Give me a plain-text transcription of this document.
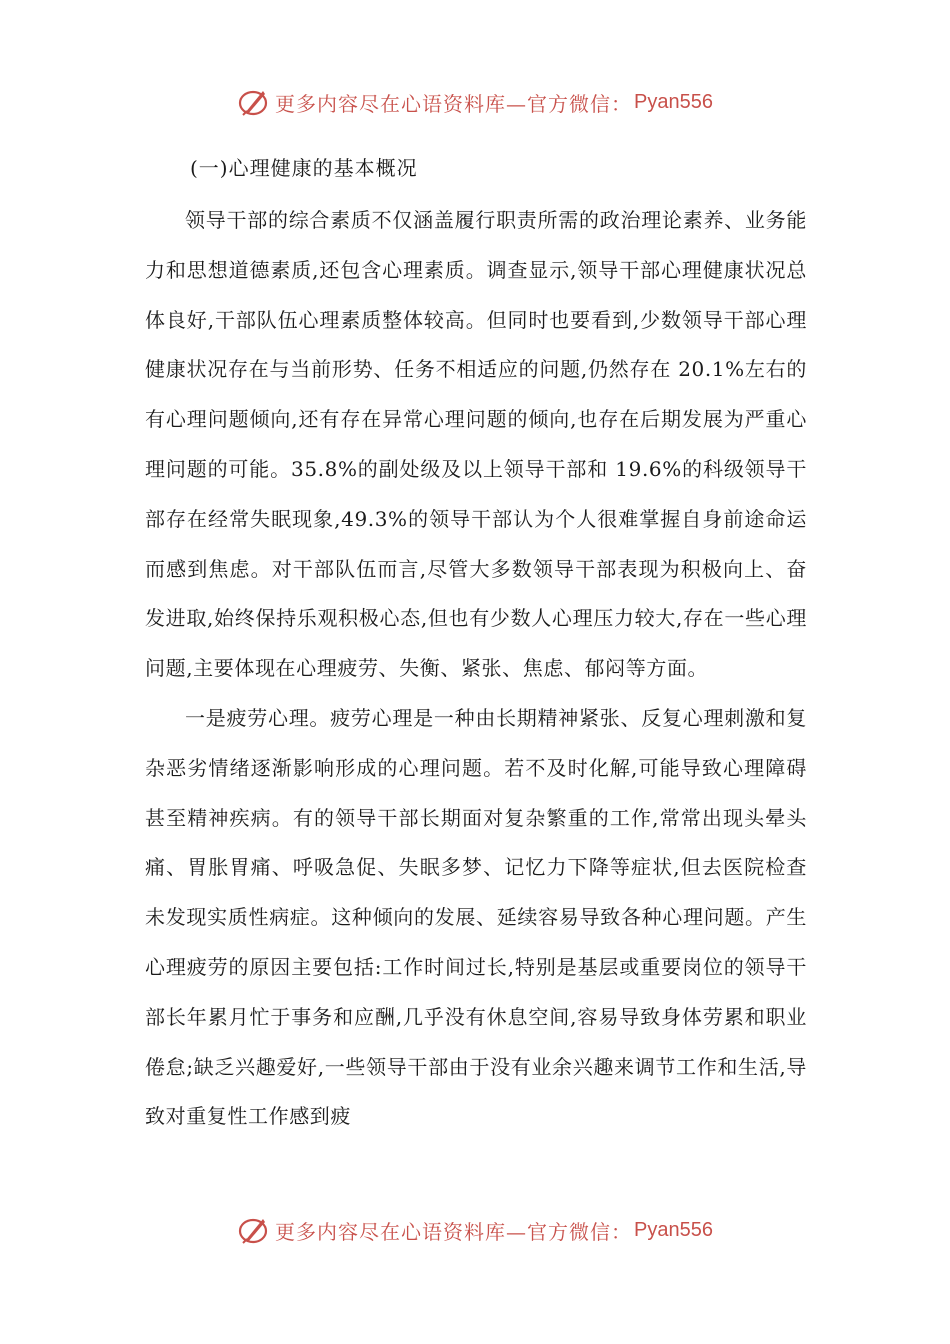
更多内容尽在心语资料库—官方微信： Pyan556

(一)心理健康的基本概况

领导干部的综合素质不仅涵盖履行职责所需的政治理论素养、业务能力和思想道德素质,还包含心理素质。调查显示,领导干部心理健康状况总体良好,干部队伍心理素质整体较高。但同时也要看到,少数领导干部心理健康状况存在与当前形势、任务不相适应的问题,仍然存在 20.1%左右的有心理问题倾向,还有存在异常心理问题的倾向,也存在后期发展为严重心理问题的可能。35.8%的副处级及以上领导干部和 19.6%的科级领导干部存在经常失眠现象,49.3%的领导干部认为个人很难掌握自身前途命运而感到焦虑。对干部队伍而言,尽管大多数领导干部表现为积极向上、奋发进取,始终保持乐观积极心态,但也有少数人心理压力较大,存在一些心理问题,主要体现在心理疲劳、失衡、紧张、焦虑、郁闷等方面。

一是疲劳心理。疲劳心理是一种由长期精神紧张、反复心理刺激和复杂恶劣情绪逐渐影响形成的心理问题。若不及时化解,可能导致心理障碍甚至精神疾病。有的领导干部长期面对复杂繁重的工作,常常出现头晕头痛、胃胀胃痛、呼吸急促、失眠多梦、记忆力下降等症状,但去医院检查未发现实质性病症。这种倾向的发展、延续容易导致各种心理问题。产生心理疲劳的原因主要包括:工作时间过长,特别是基层或重要岗位的领导干部长年累月忙于事务和应酬,几乎没有休息空间,容易导致身体劳累和职业倦怠;缺乏兴趣爱好,一些领导干部由于没有业余兴趣来调节工作和生活,导致对重复性工作感到疲

更多内容尽在心语资料库—官方微信： Pyan556
